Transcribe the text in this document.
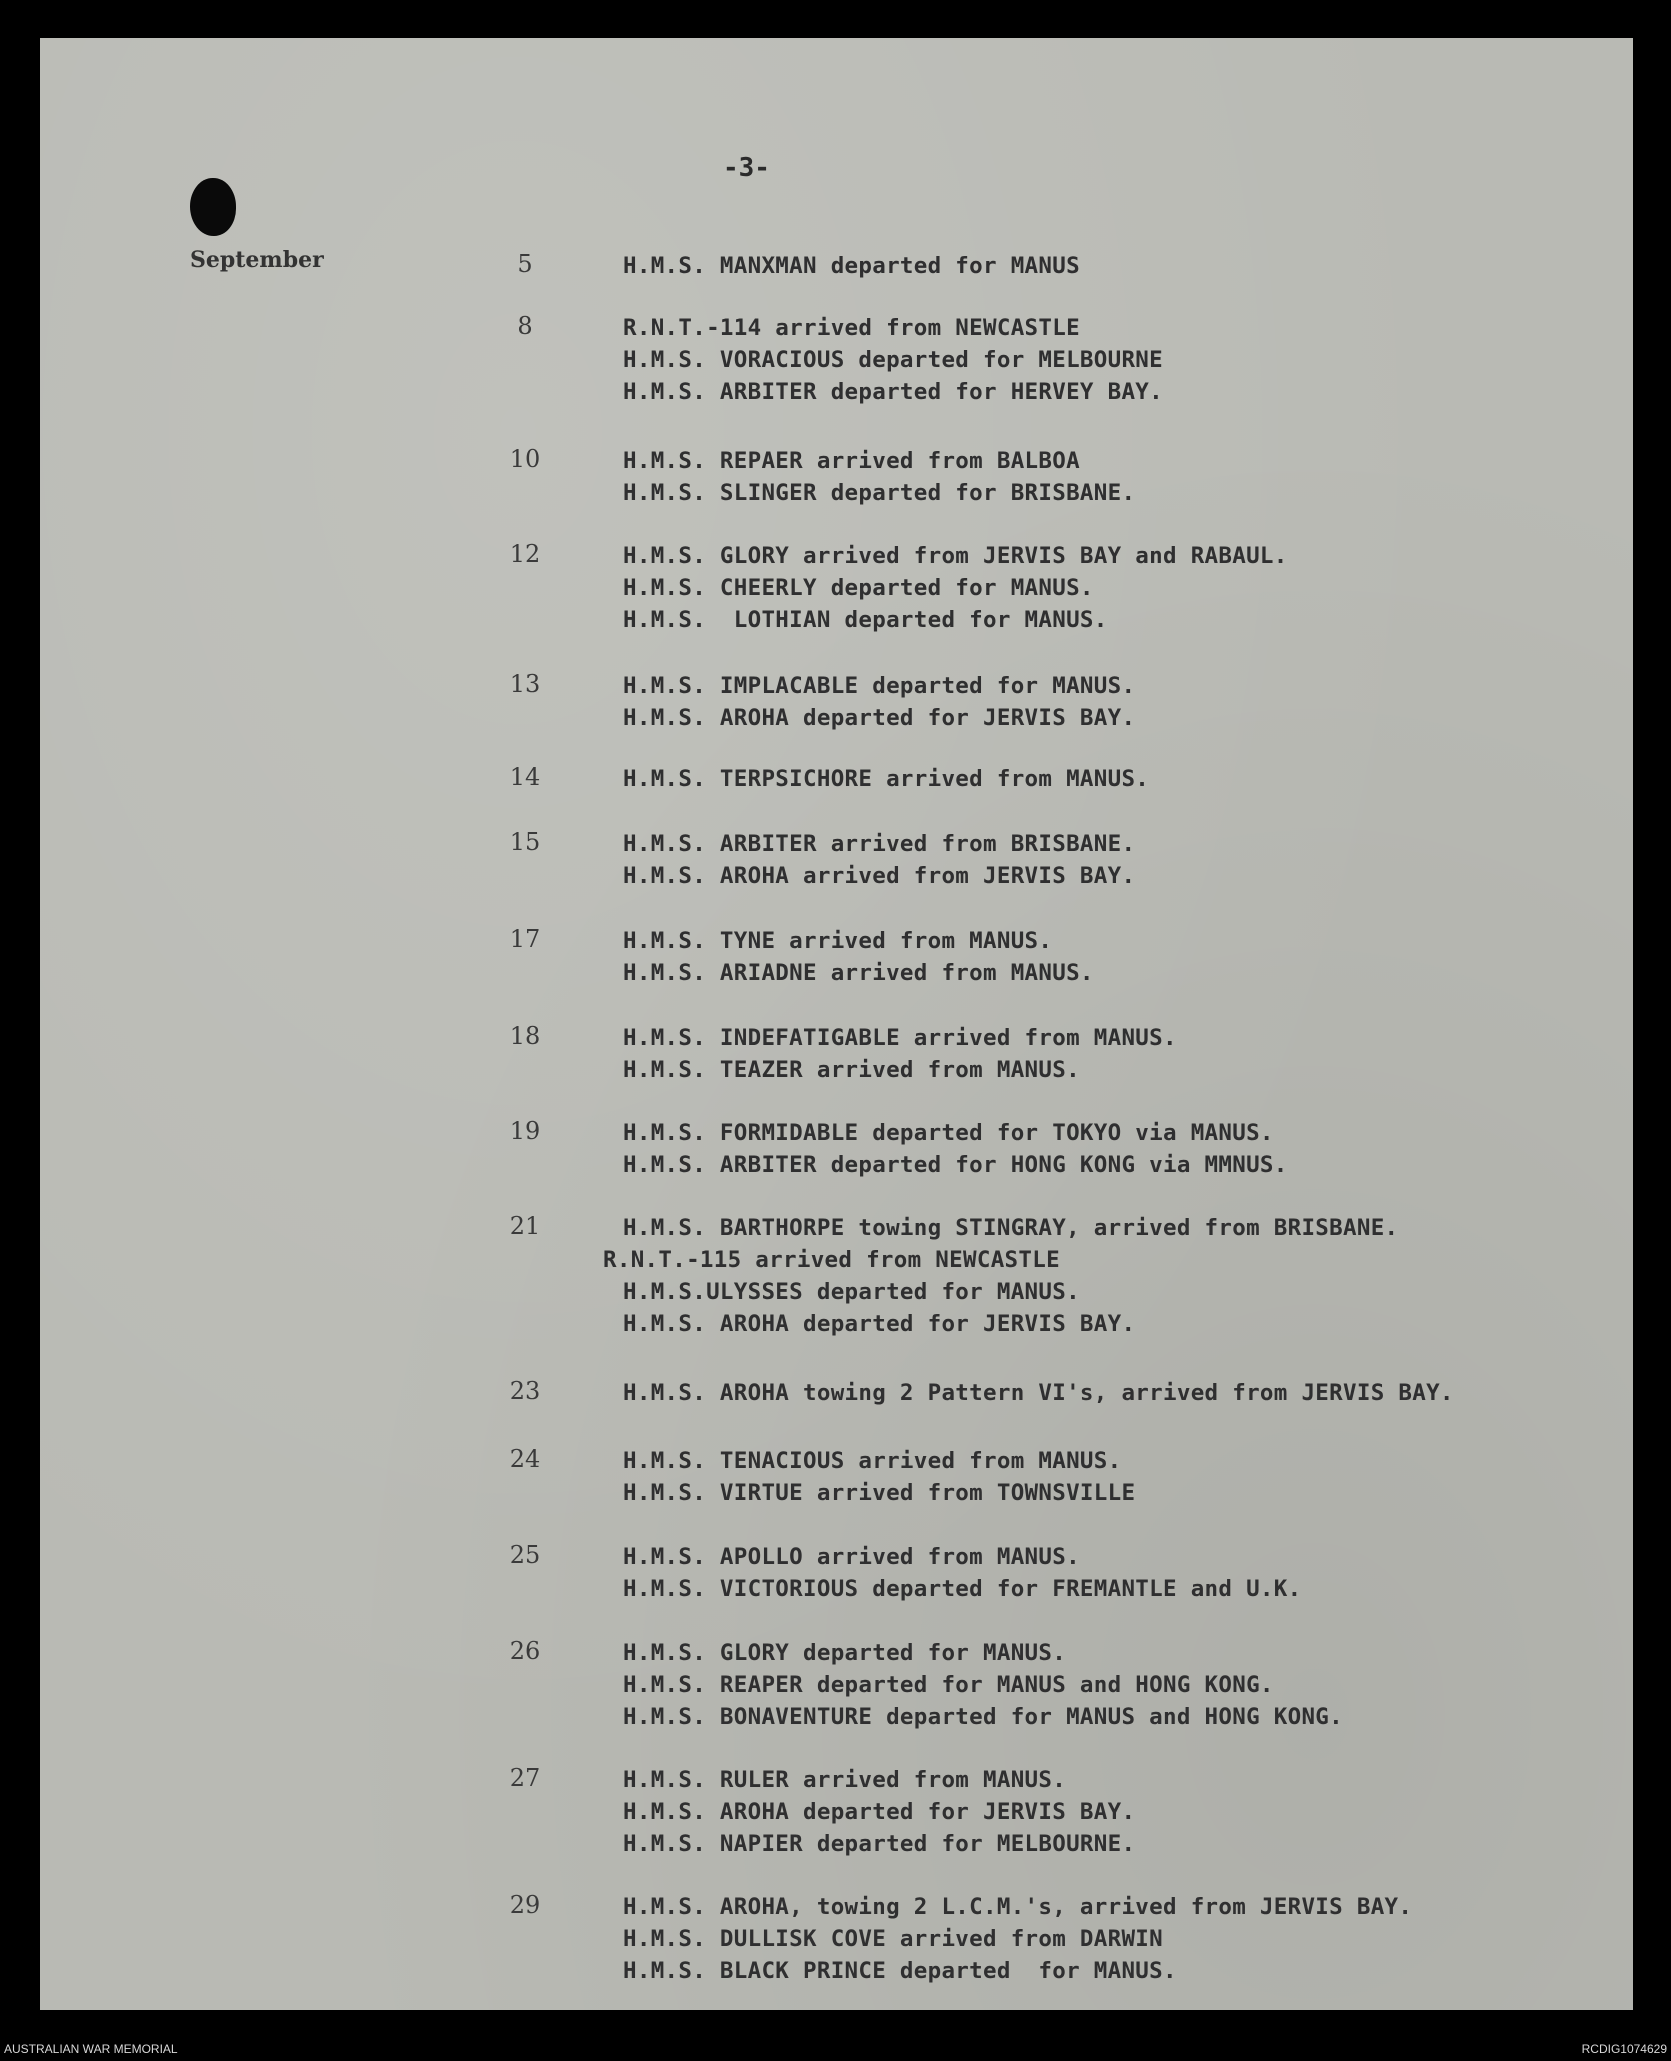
-3-
September	5	H.M.S. MANXMAN departed for MANUS
8	R.N.T.-114 arrived from NEWCASTLE
H.M.S. VORACIOUS departed for MELBOURNE
H.M.S. ARBITER departed for HERVEY BAY.
10	H.M.S. REPAER arrived from BALBOA
H.M.S. SLINGER departed for BRISBANE.
12	H.M.S. GLORY arrived from JERVIS BAY and RABAUL.
H.M.S. CHEERLY departed for MANUS.
H.M.S.  LOTHIAN departed for MANUS.
13	H.M.S. IMPLACABLE departed for MANUS.
H.M.S. AROHA departed for JERVIS BAY.
14	H.M.S. TERPSICHORE arrived from MANUS.
15	H.M.S. ARBITER arrived from BRISBANE.
H.M.S. AROHA arrived from JERVIS BAY.
17	H.M.S. TYNE arrived from MANUS.
H.M.S. ARIADNE arrived from MANUS.
18	H.M.S. INDEFATIGABLE arrived from MANUS.
H.M.S. TEAZER arrived from MANUS.
19	H.M.S. FORMIDABLE departed for TOKYO via MANUS.
H.M.S. ARBITER departed for HONG KONG via MMNUS.
21	H.M.S. BARTHORPE towing STINGRAY, arrived from BRISBANE.
R.N.T.-115 arrived from NEWCASTLE
H.M.S.ULYSSES departed for MANUS.
H.M.S. AROHA departed for JERVIS BAY.
23	H.M.S. AROHA towing 2 Pattern VI's, arrived from JERVIS BAY.
24	H.M.S. TENACIOUS arrived from MANUS.
H.M.S. VIRTUE arrived from TOWNSVILLE
25	H.M.S. APOLLO arrived from MANUS.
H.M.S. VICTORIOUS departed for FREMANTLE and U.K.
26	H.M.S. GLORY departed for MANUS.
H.M.S. REAPER departed for MANUS and HONG KONG.
H.M.S. BONAVENTURE departed for MANUS and HONG KONG.
27	H.M.S. RULER arrived from MANUS.
H.M.S. AROHA departed for JERVIS BAY.
H.M.S. NAPIER departed for MELBOURNE.
29	H.M.S. AROHA, towing 2 L.C.M.'s, arrived from JERVIS BAY.
H.M.S. DULLISK COVE arrived from DARWIN
H.M.S. BLACK PRINCE departed  for MANUS.
AUSTRALIAN WAR MEMORIAL	RCDIG1074629
